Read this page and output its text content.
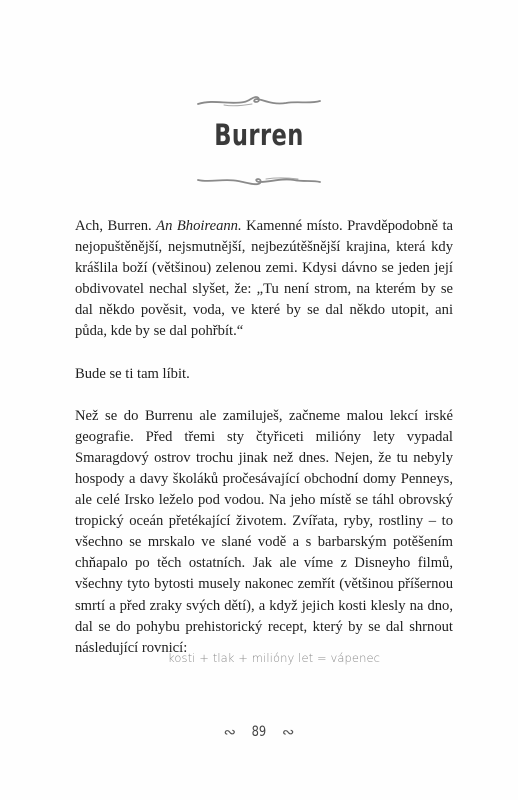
Burren

Ach, Burren. An Bhoireann. Kamenné místo. Pravděpodobně ta nejopuštěnější, nejsmutnější, nejbezútěšnější krajina, která kdy krášlila boží (většinou) zelenou zemi. Kdysi dávno se jeden její obdivovatel nechal slyšet, že: „Tu není strom, na kterém by se dal někdo pověsit, voda, ve které by se dal někdo utopit, ani půda, kde by se dal pohřbít.“

Bude se ti tam líbit.

Než se do Burrenu ale zamiluješ, začneme malou lekcí irské geografie. Před třemi sty čtyřiceti milióny lety vypadal Smaragdový ostrov trochu jinak než dnes. Nejen, že tu nebyly hospody a davy školáků pročesávající obchodní domy Penneys, ale celé Irsko leželo pod vodou. Na jeho místě se táhl obrovský tropický oceán přetékající životem. Zvířata, ryby, rostliny – to všechno se mrskalo ve slané vodě a s barbarským potěšením chňapalo po těch ostatních. Jak ale víme z Disneyho filmů, všechny tyto bytosti musely nakonec zemřít (většinou příšernou smrtí a před zraky svých dětí), a když jejich kosti klesly na dno, dal se do pohybu prehistorický recept, který by se dal shrnout následující rovnicí:

kosti + tlak + milióny let = vápenec
∾ 89 ∾
